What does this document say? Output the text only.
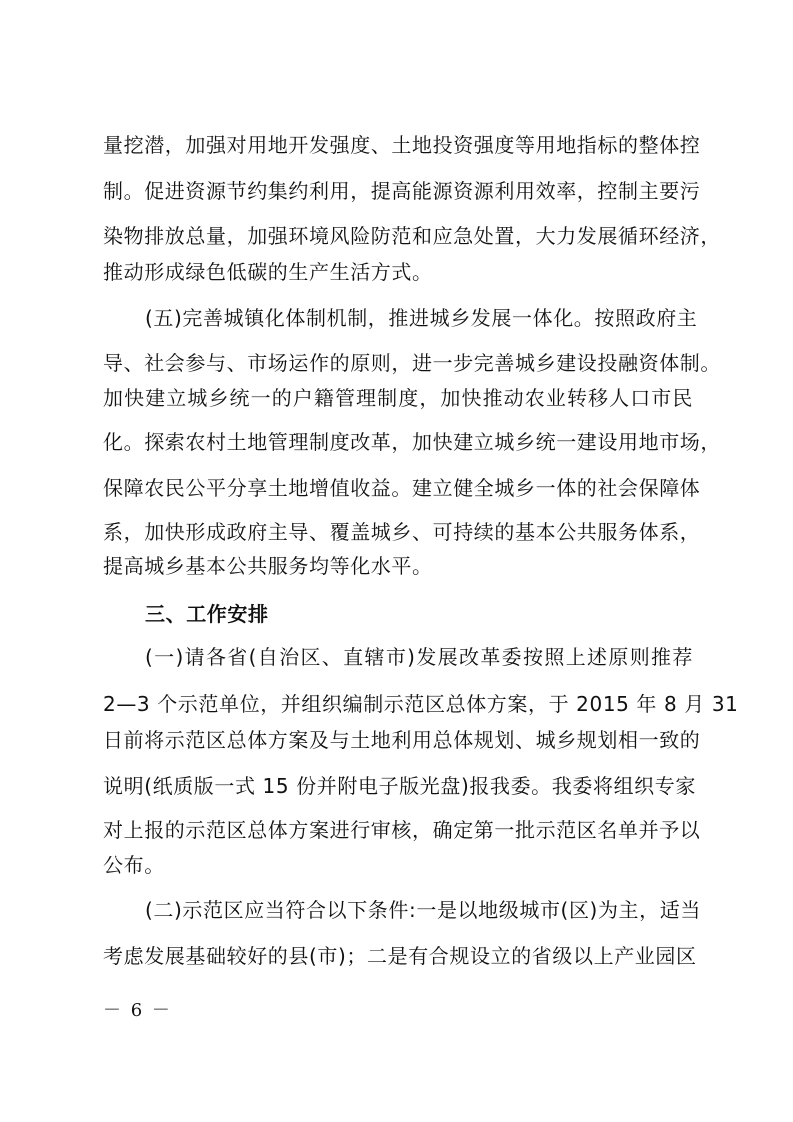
量挖潜，加强对用地开发强度、土地投资强度等用地指标的整体控
制。促进资源节约集约利用，提高能源资源利用效率，控制主要污
染物排放总量，加强环境风险防范和应急处置，大力发展循环经济，
推动形成绿色低碳的生产生活方式。
(五)完善城镇化体制机制，推进城乡发展一体化。按照政府主
导、社会参与、市场运作的原则，进一步完善城乡建设投融资体制。
加快建立城乡统一的户籍管理制度，加快推动农业转移人口市民
化。探索农村土地管理制度改革，加快建立城乡统一建设用地市场，
保障农民公平分享土地增值收益。建立健全城乡一体的社会保障体
系，加快形成政府主导、覆盖城乡、可持续的基本公共服务体系，
提高城乡基本公共服务均等化水平。
三、工作安排
(一)请各省(自治区、直辖市)发展改革委按照上述原则推荐
2—3 个示范单位，并组织编制示范区总体方案，于 2015 年 8 月 31
日前将示范区总体方案及与土地利用总体规划、城乡规划相一致的
说明(纸质版一式 15 份并附电子版光盘)报我委。我委将组织专家
对上报的示范区总体方案进行审核，确定第一批示范区名单并予以
公布。
(二)示范区应当符合以下条件:一是以地级城市(区)为主，适当
考虑发展基础较好的县(市)；二是有合规设立的省级以上产业园区
－ 6 －
